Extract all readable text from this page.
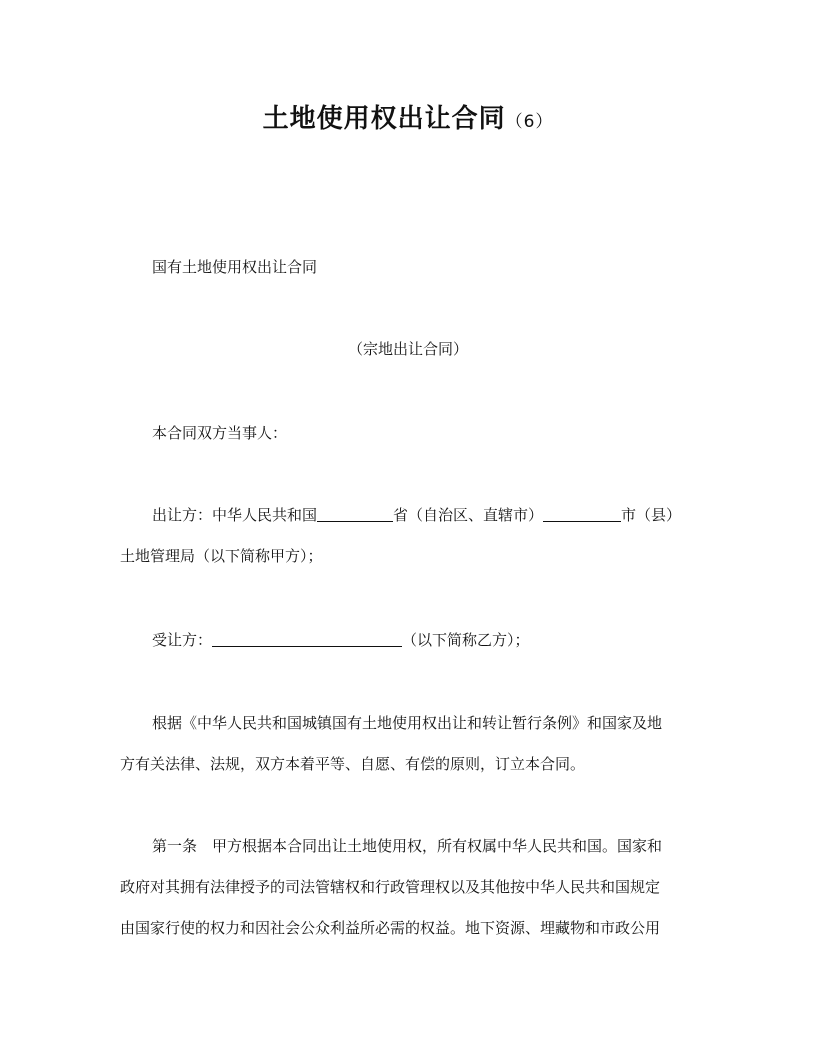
土地使用权出让合同（6）
国有土地使用权出让合同
（宗地出让合同）
本合同双方当事人：
出让方：中华人民共和国	省（自治区、直辖市）	市（县）
土地管理局（以下简称甲方）；
受让方：	（以下简称乙方）；
根据《中华人民共和国城镇国有土地使用权出让和转让暂行条例》和国家及地
方有关法律、法规，双方本着平等、自愿、有偿的原则，订立本合同。
第一条　甲方根据本合同出让土地使用权，所有权属中华人民共和国。国家和
政府对其拥有法律授予的司法管辖权和行政管理权以及其他按中华人民共和国规定
由国家行使的权力和因社会公众利益所必需的权益。地下资源、埋藏物和市政公用
